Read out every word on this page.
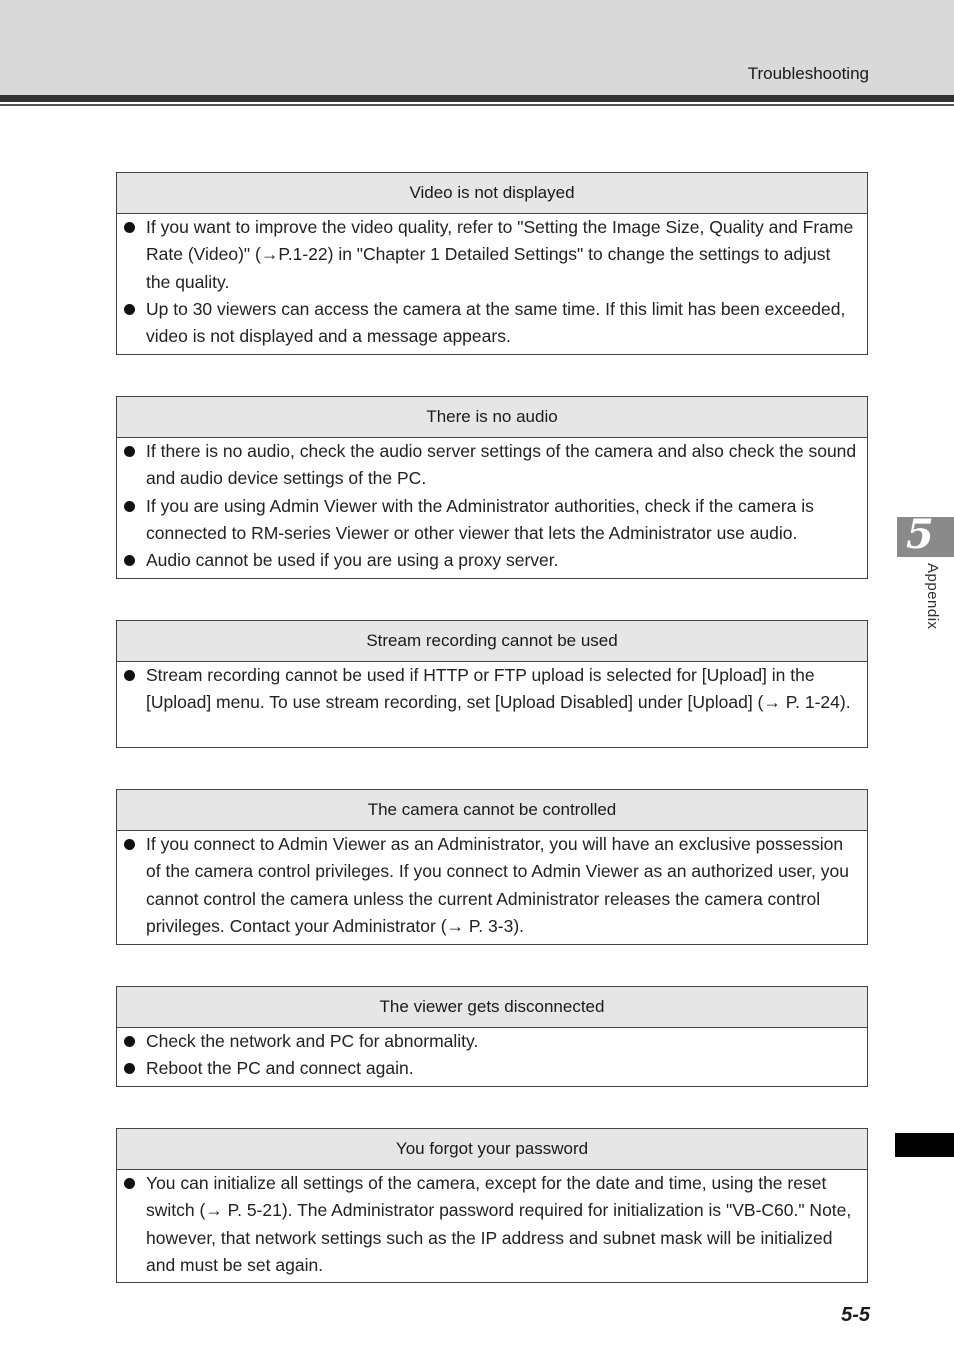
Troubleshooting
Video is not displayed
If you want to improve the video quality, refer to "Setting the Image Size, Quality and Frame Rate (Video)" (→P.1-22) in "Chapter 1 Detailed Settings" to change the settings to adjust the quality.
Up to 30 viewers can access the camera at the same time. If this limit has been exceeded, video is not displayed and a message appears.
There is no audio
If there is no audio, check the audio server settings of the camera and also check the sound and audio device settings of the PC.
If you are using Admin Viewer with the Administrator authorities, check if the camera is connected to RM-series Viewer or other viewer that lets the Administrator use audio.
Audio cannot be used if you are using a proxy server.
Stream recording cannot be used
Stream recording cannot be used if HTTP or FTP upload is selected for [Upload] in the [Upload] menu. To use stream recording, set [Upload Disabled] under [Upload] (→ P. 1-24).
The camera cannot be controlled
If you connect to Admin Viewer as an Administrator, you will have an exclusive possession of the camera control privileges. If you connect to Admin Viewer as an authorized user, you cannot control the camera unless the current Administrator releases the camera control privileges. Contact your Administrator (→ P. 3-3).
The viewer gets disconnected
Check the network and PC for abnormality.
Reboot the PC and connect again.
You forgot your password
You can initialize all settings of the camera, except for the date and time, using the reset switch (→ P. 5-21). The Administrator password required for initialization is "VB-C60." Note, however, that network settings such as the IP address and subnet mask will be initialized and must be set again.
5
Appendix
5-5
